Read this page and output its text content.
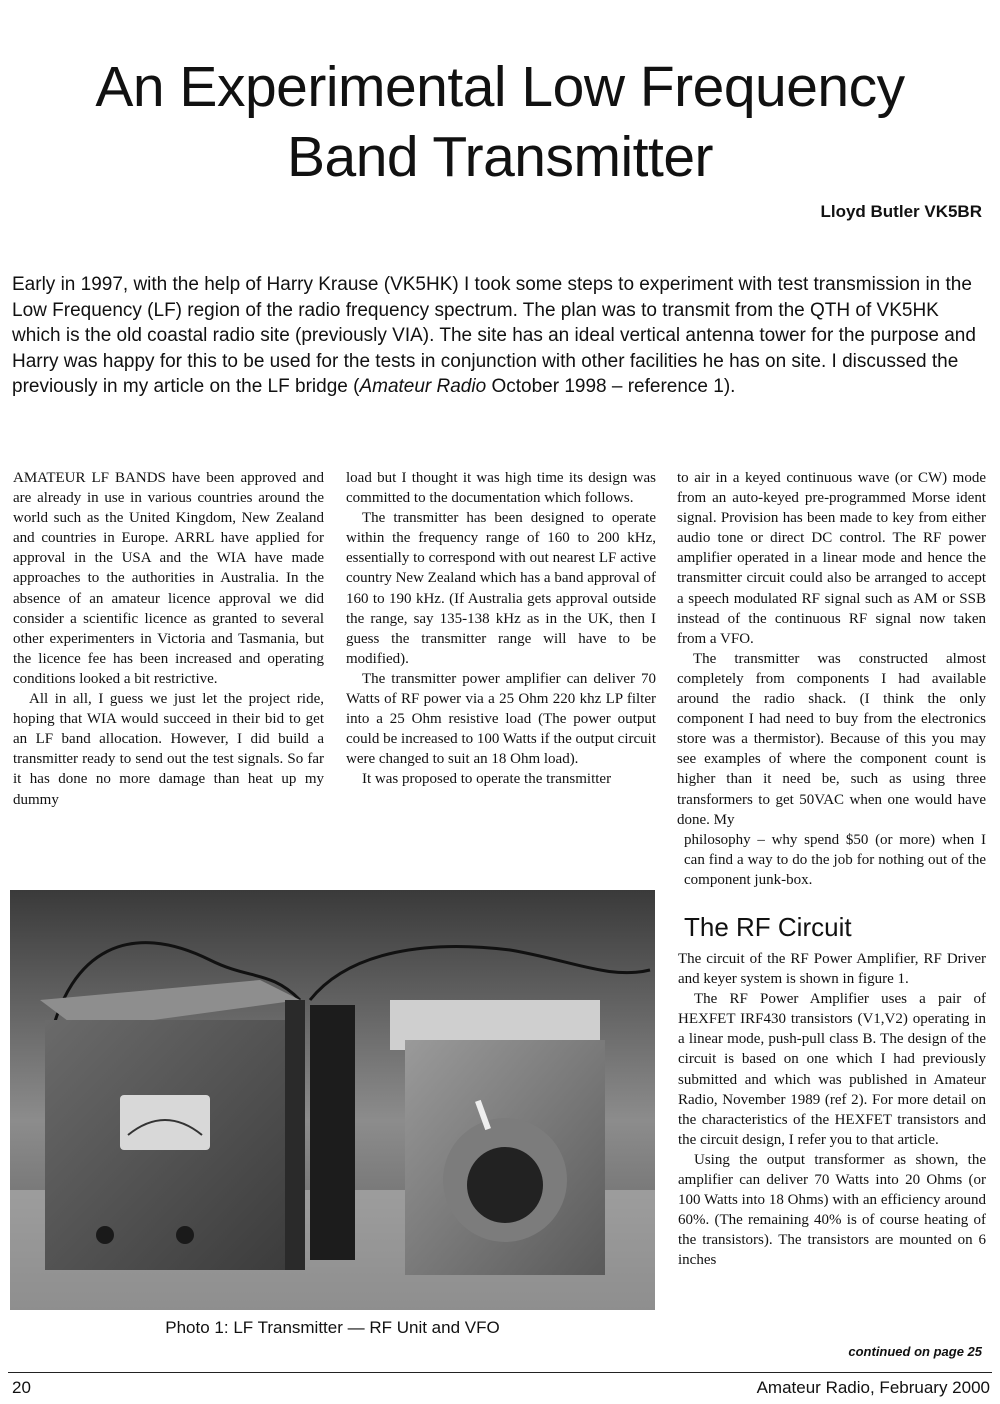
An Experimental Low Frequency
Band Transmitter
Lloyd Butler VK5BR

Early in 1997, with the help of Harry Krause (VK5HK) I took some steps to experiment with test transmission in the Low Frequency (LF) region of the radio frequency spectrum. The plan was to transmit from the QTH of VK5HK which is the old coastal radio site (previously VIA). The site has an ideal vertical antenna tower for the purpose and Harry was happy for this to be used for the tests in conjunction with other facilities he has on site. I discussed the previously in my article on the LF bridge (Amateur Radio October 1998 – reference 1).

AMATEUR LF BANDS have been approved and are already in use in various countries around the world such as the United Kingdom, New Zealand and countries in Europe. ARRL have applied for approval in the USA and the WIA have made approaches to the authorities in Australia. In the absence of an amateur licence approval we did consider a scientific licence as granted to several other experimenters in Victoria and Tasmania, but the licence fee has been increased and operating conditions looked a bit restrictive.

All in all, I guess we just let the project ride, hoping that WIA would succeed in their bid to get an LF band allocation. However, I did build a transmitter ready to send out the test signals. So far it has done no more damage than heat up my dummy

load but I thought it was high time its design was committed to the documentation which follows.

The transmitter has been designed to operate within the frequency range of 160 to 200 kHz, essentially to correspond with out nearest LF active country New Zealand which has a band approval of 160 to 190 kHz. (If Australia gets approval outside the range, say 135-138 kHz as in the UK, then I guess the transmitter range will have to be modified).

The transmitter power amplifier can deliver 70 Watts of RF power via a 25 Ohm 220 khz LP filter into a 25 Ohm resistive load (The power output could be increased to 100 Watts if the output circuit were changed to suit an 18 Ohm load).

It was proposed to operate the transmitter

to air in a keyed continuous wave (or CW) mode from an auto-keyed pre-programmed Morse ident signal. Provision has been made to key from either audio tone or direct DC control. The RF power amplifier operated in a linear mode and hence the transmitter circuit could also be arranged to accept a speech modulated RF signal such as AM or SSB instead of the continuous RF signal now taken from a VFO.

The transmitter was constructed almost completely from components I had available around the radio shack. (I think the only component I had need to buy from the electronics store was a thermistor). Because of this you may see examples of where the component count is higher than it need be, such as using three transformers to get 50VAC when one would have done. My

philosophy – why spend $50 (or more) when I can find a way to do the job for nothing out of the component junk-box.

The RF Circuit

The circuit of the RF Power Amplifier, RF Driver and keyer system is shown in figure 1.

The RF Power Amplifier uses a pair of HEXFET IRF430 transistors (V1,V2) operating in a linear mode, push-pull class B. The design of the circuit is based on one which I had previously submitted and which was published in Amateur Radio, November 1989 (ref 2). For more detail on the characteristics of the HEXFET transistors and the circuit design, I refer you to that article.

Using the output transformer as shown, the amplifier can deliver 70 Watts into 20 Ohms (or 100 Watts into 18 Ohms) with an efficiency around 60%. (The remaining 40% is of course heating of the transistors). The transistors are mounted on 6 inches

Photo 1: LF Transmitter — RF Unit and VFO
continued on page 25
20	Amateur Radio, February 2000
